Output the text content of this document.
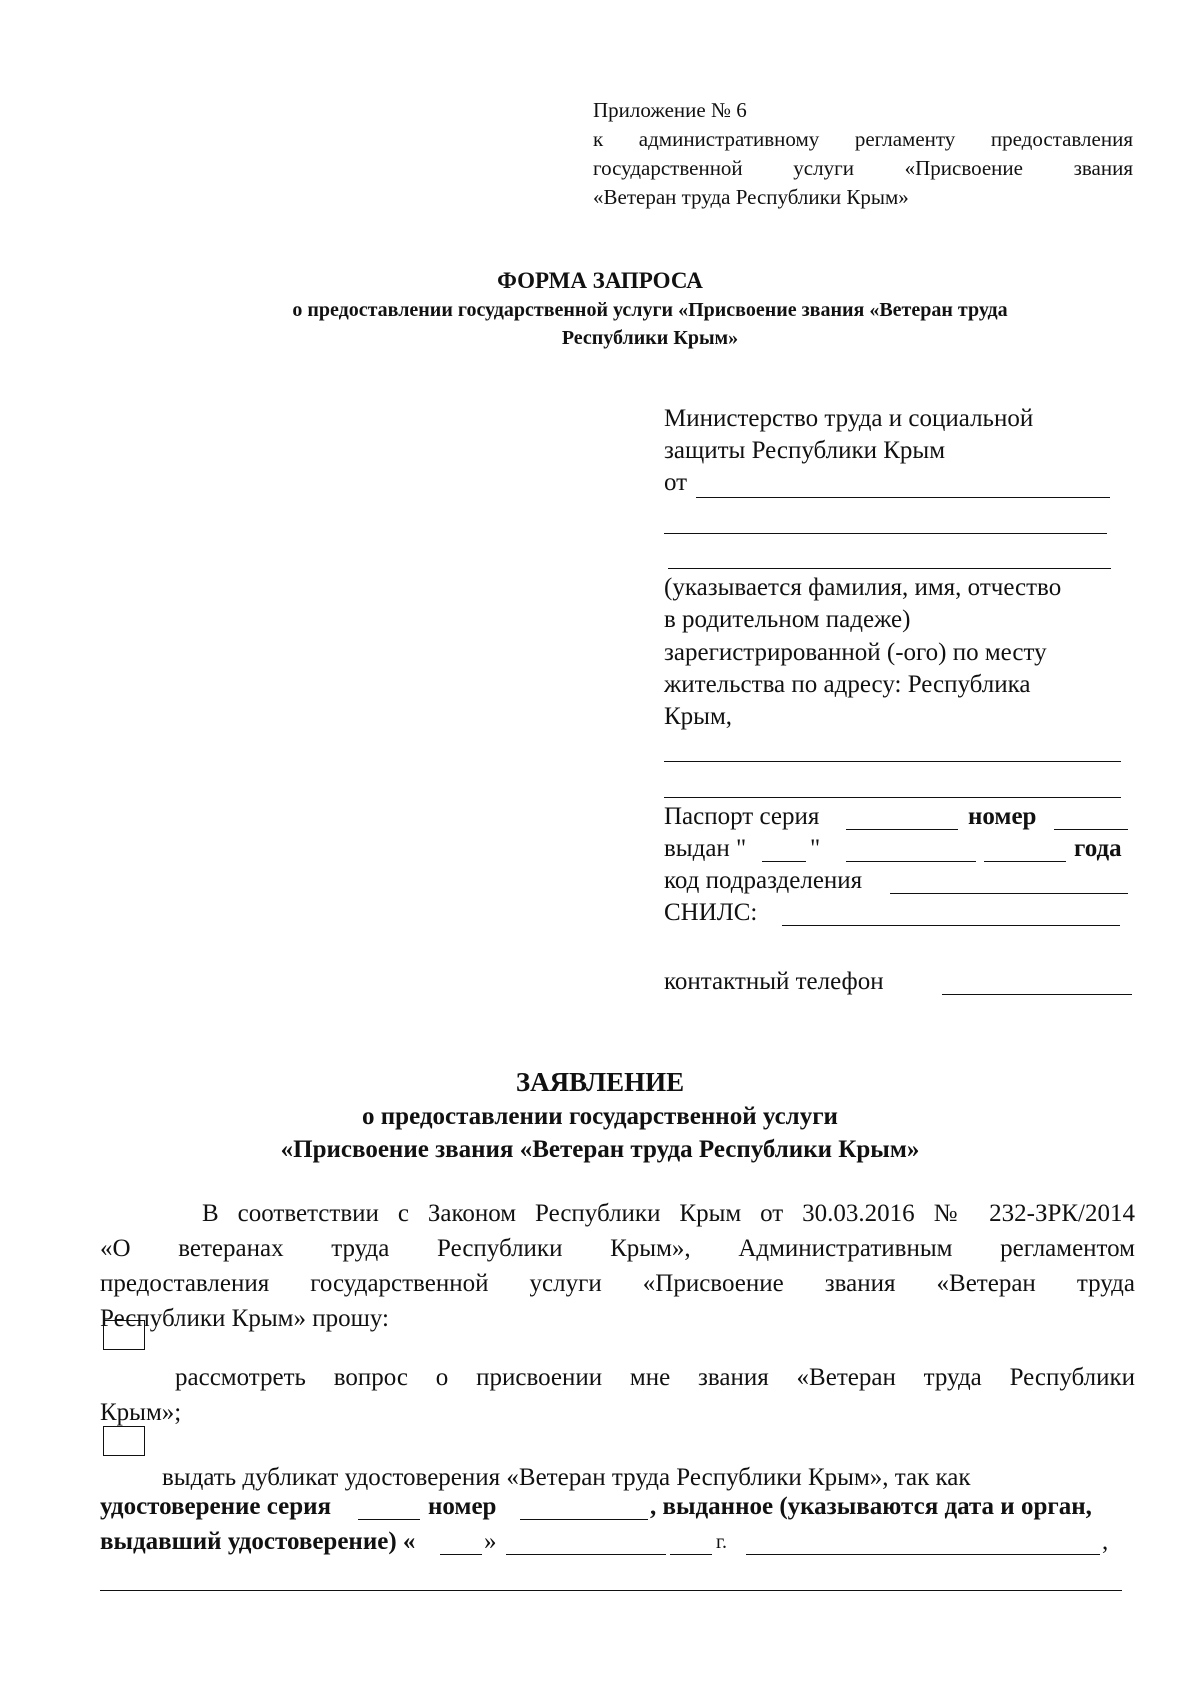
Приложение № 6
к административному регламенту предоставления
государственной услуги «Присвоение звания
«Ветеран труда Республики Крым»
ФОРМА ЗАПРОСА
о предоставлении государственной услуги «Присвоение звания «Ветеран труда
Республики Крым»
Министерство труда и социальной
защиты Республики Крым
от
(указывается фамилия, имя, отчество
в родительном падеже)
зарегистрированной (-ого) по месту
жительства по адресу: Республика
Крым,
Паспорт серия	номер
выдан "	"	года
код подразделения
СНИЛС:
контактный телефон
ЗАЯВЛЕНИЕ
о предоставлении государственной услуги
«Присвоение звания «Ветеран труда Республики Крым»
В соответствии с Законом Республики Крым от 30.03.2016 № 232-ЗРК/2014
«О ветеранах труда Республики Крым», Административным регламентом
предоставления государственной услуги «Присвоение звания «Ветеран труда
Республики Крым» прошу:
рассмотреть вопрос о присвоении мне звания «Ветеран труда Республики
Крым»;
выдать дубликат удостоверения «Ветеран труда Республики Крым», так как
удостоверение серия	номер	, выданное (указываются дата и орган,
выдавший удостоверение) «	»	г.	,
